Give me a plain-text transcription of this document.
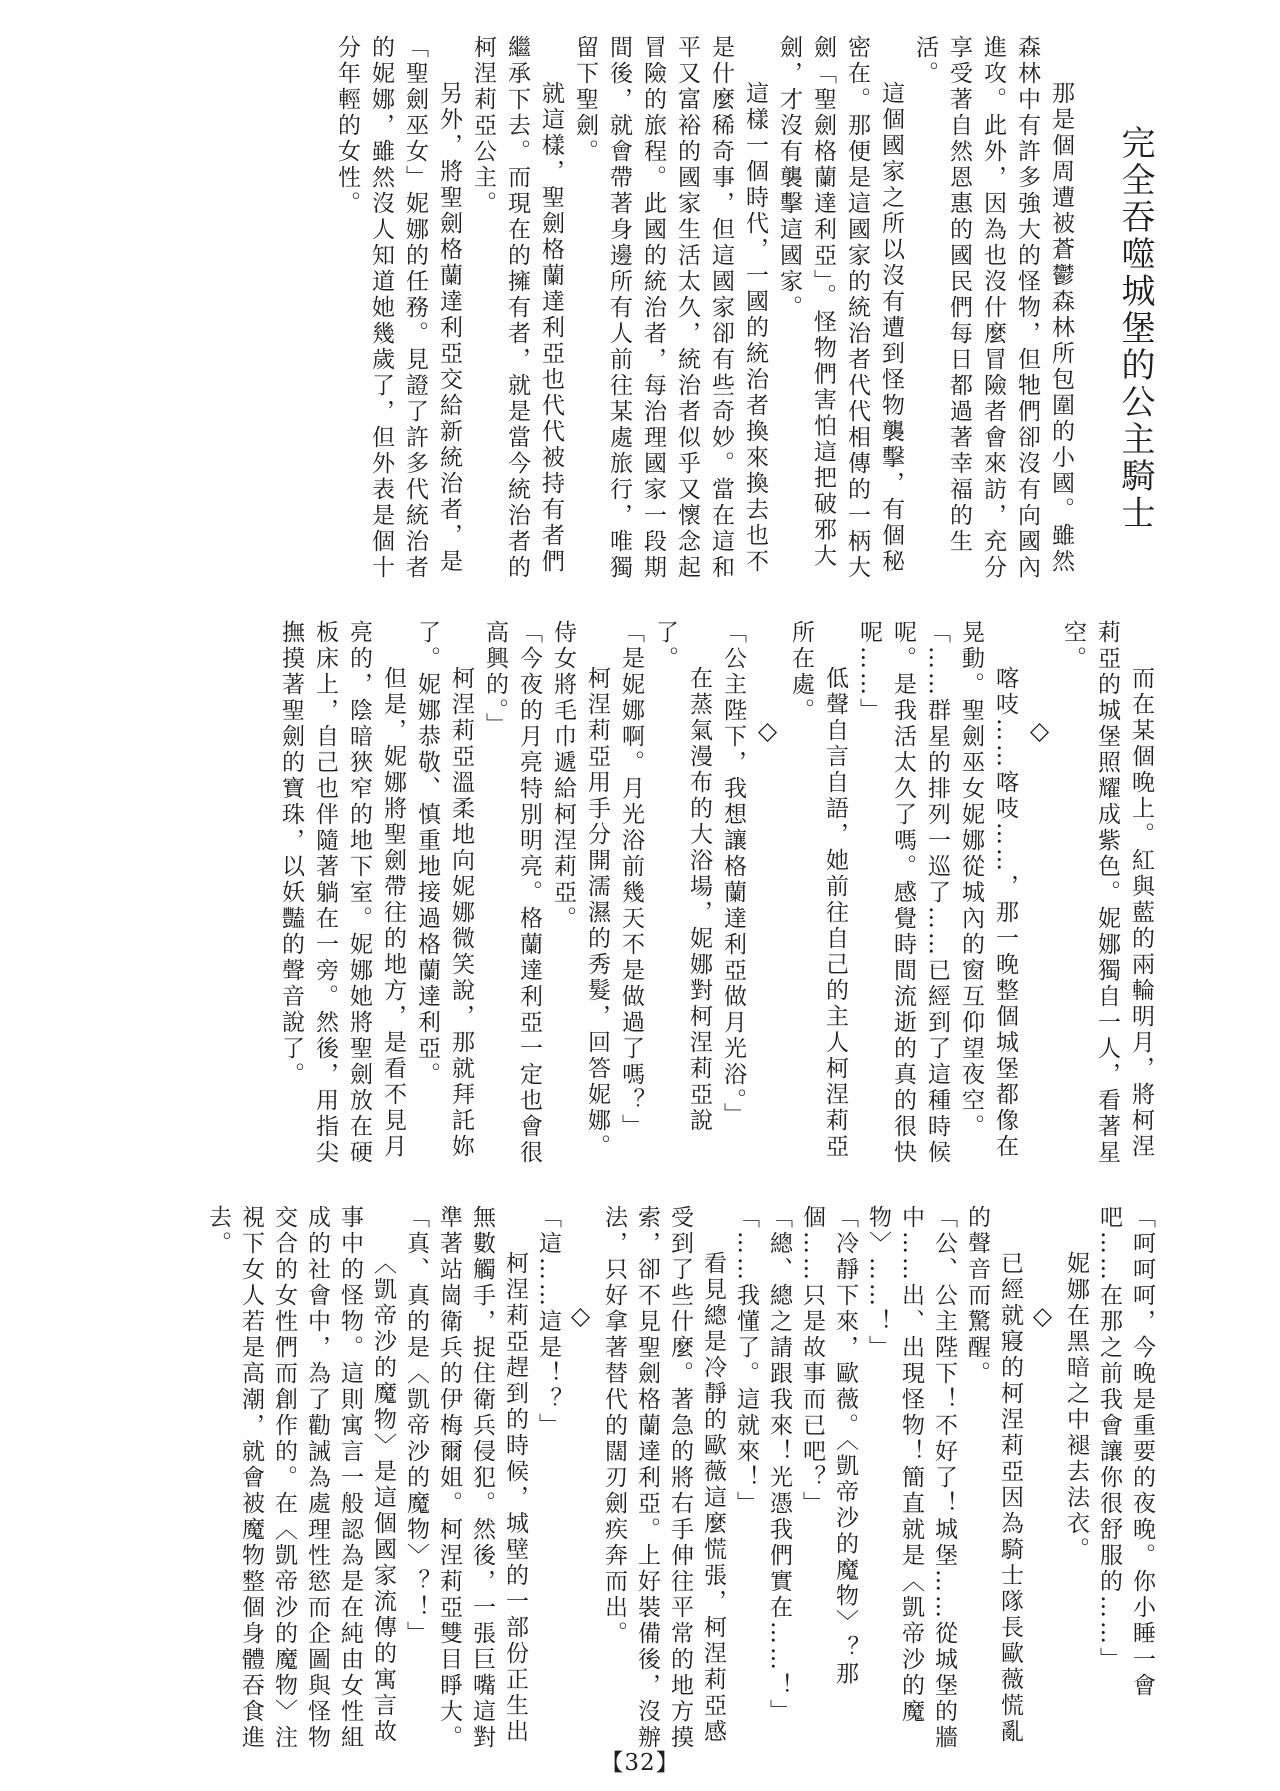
完全吞噬城堡的公主騎士

那是個周遭被蒼鬱森林所包圍的小國。雖然森林中有許多強大的怪物，但牠們卻沒有向國內進攻。此外，因為也沒什麼冒險者會來訪，充分享受著自然恩惠的國民們每日都過著幸福的生活。

這個國家之所以沒有遭到怪物襲擊，有個秘密在。那便是這國家的統治者代代相傳的一柄大劍「聖劍格蘭達利亞」。怪物們害怕這把破邪大劍，才沒有襲擊這國家。

這樣一個時代，一國的統治者換來換去也不是什麼稀奇事，但這國家卻有些奇妙。當在這和平又富裕的國家生活太久，統治者似乎又懷念起冒險的旅程。此國的統治者，每治理國家一段期間後，就會帶著身邊所有人前往某處旅行，唯獨留下聖劍。

就這樣，聖劍格蘭達利亞也代代被持有者們繼承下去。而現在的擁有者，就是當今統治者的柯涅莉亞公主。

另外，將聖劍格蘭達利亞交給新統治者，是「聖劍巫女」妮娜的任務。見證了許多代統治者的妮娜，雖然沒人知道她幾歲了，但外表是個十分年輕的女性。

而在某個晚上。紅與藍的兩輪明月，將柯涅莉亞的城堡照耀成紫色。妮娜獨自一人，看著星空。

◇

喀吱……喀吱……，那一晚整個城堡都像在晃動。聖劍巫女妮娜從城內的窗互仰望夜空。

「……群星的排列一巡了……已經到了這種時候呢。是我活太久了嗎。感覺時間流逝的真的很快呢……」

低聲自言自語，她前往自己的主人柯涅莉亞所在處。

◇

「公主陛下，我想讓格蘭達利亞做月光浴。」

在蒸氣漫布的大浴場，妮娜對柯涅莉亞說了。

「是妮娜啊。月光浴前幾天不是做過了嗎？」

柯涅莉亞用手分開濡濕的秀髮，回答妮娜。侍女將毛巾遞給柯涅莉亞。

「今夜的月亮特別明亮。格蘭達利亞一定也會很高興的。」

柯涅莉亞溫柔地向妮娜微笑說，那就拜託妳了。妮娜恭敬、慎重地接過格蘭達利亞。

但是，妮娜將聖劍帶往的地方，是看不見月亮的，陰暗狹窄的地下室。妮娜她將聖劍放在硬板床上，自己也伴隨著躺在一旁。然後，用指尖撫摸著聖劍的寶珠，以妖豔的聲音說了。

「呵呵呵，今晚是重要的夜晚。你小睡一會吧……在那之前我會讓你很舒服的……」

妮娜在黑暗之中褪去法衣。

◇

已經就寢的柯涅莉亞因為騎士隊長歐薇慌亂的聲音而驚醒。

「公、公主陛下！不好了！城堡……從城堡的牆中……出、出現怪物！簡直就是〈凱帝沙的魔物〉……！」

「冷靜下來，歐薇。〈凱帝沙的魔物〉？那個……只是故事而已吧？」

「總、總之請跟我來！光憑我們實在……！」

「……我懂了。這就來！」

看見總是冷靜的歐薇這麼慌張，柯涅莉亞感受到了些什麼。著急的將右手伸往平常的地方摸索，卻不見聖劍格蘭達利亞。上好裝備後，沒辦法，只好拿著替代的闊刃劍疾奔而出。

◇

「這……這是！？」

柯涅莉亞趕到的時候，城壁的一部份正生出無數觸手，捉住衛兵侵犯。然後，一張巨嘴這對準著站崗衛兵的伊梅爾姐。柯涅莉亞雙目睜大。

「真、真的是〈凱帝沙的魔物〉？！」

〈凱帝沙的魔物〉是這個國家流傳的寓言故事中的怪物。這則寓言一般認為是在純由女性組成的社會中，為了勸誡為處理性慾而企圖與怪物交合的女性們而創作的。在〈凱帝沙的魔物〉注視下女人若是高潮，就會被魔物整個身體吞食進去。

【32】
